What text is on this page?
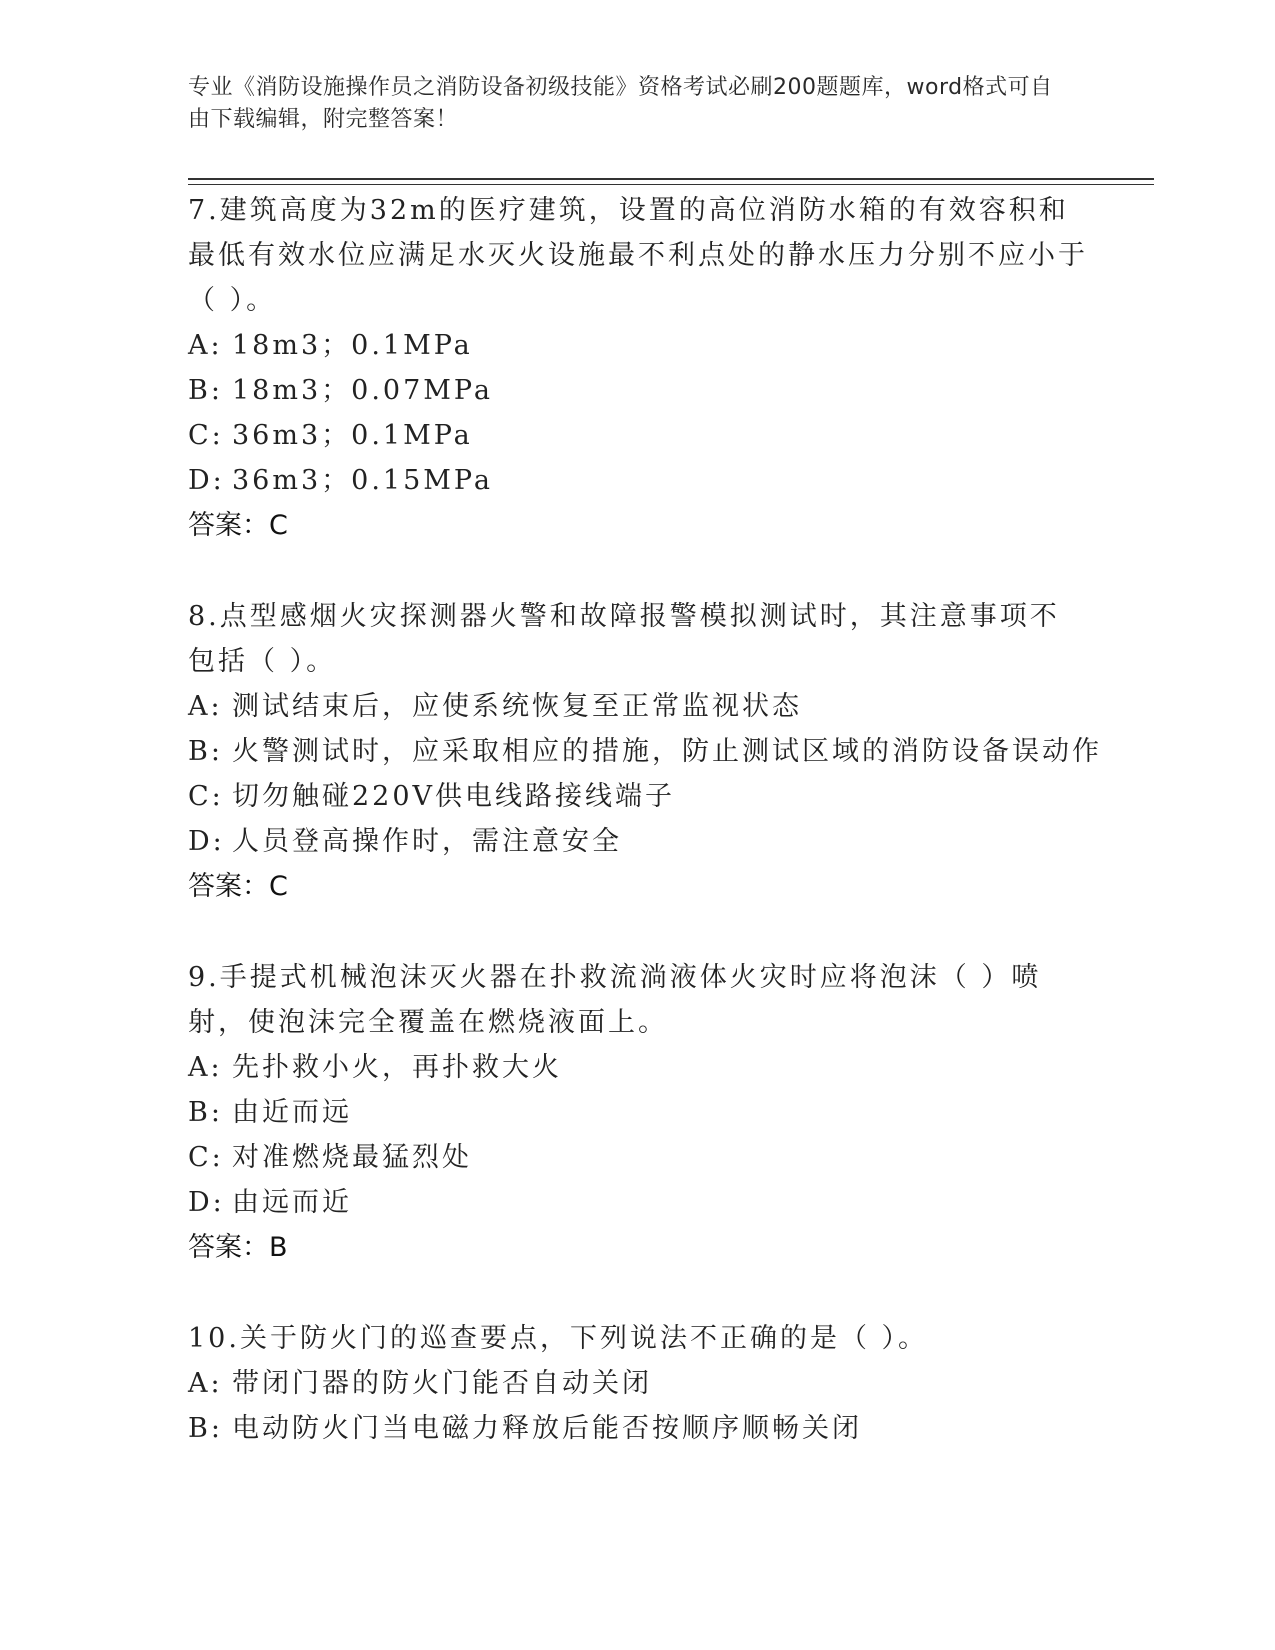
专业《消防设施操作员之消防设备初级技能》资格考试必刷200题题库，word格式可自由下载编辑，附完整答案！

7.建筑高度为32m的医疗建筑，设置的高位消防水箱的有效容积和最低有效水位应满足水灭火设施最不利点处的静水压力分别不应小于（ ）。

A: 18m3；0.1MPa

B: 18m3；0.07MPa

C: 36m3；0.1MPa

D: 36m3；0.15MPa

答案：C

8.点型感烟火灾探测器火警和故障报警模拟测试时，其注意事项不包括（ ）。

A: 测试结束后，应使系统恢复至正常监视状态

B: 火警测试时，应采取相应的措施，防止测试区域的消防设备误动作

C: 切勿触碰220V供电线路接线端子

D: 人员登高操作时，需注意安全

答案：C

9.手提式机械泡沫灭火器在扑救流淌液体火灾时应将泡沫（ ）喷射，使泡沫完全覆盖在燃烧液面上。

A: 先扑救小火，再扑救大火

B: 由近而远

C: 对准燃烧最猛烈处

D: 由远而近

答案：B

10.关于防火门的巡查要点，下列说法不正确的是（ ）。

A: 带闭门器的防火门能否自动关闭

B: 电动防火门当电磁力释放后能否按顺序顺畅关闭
